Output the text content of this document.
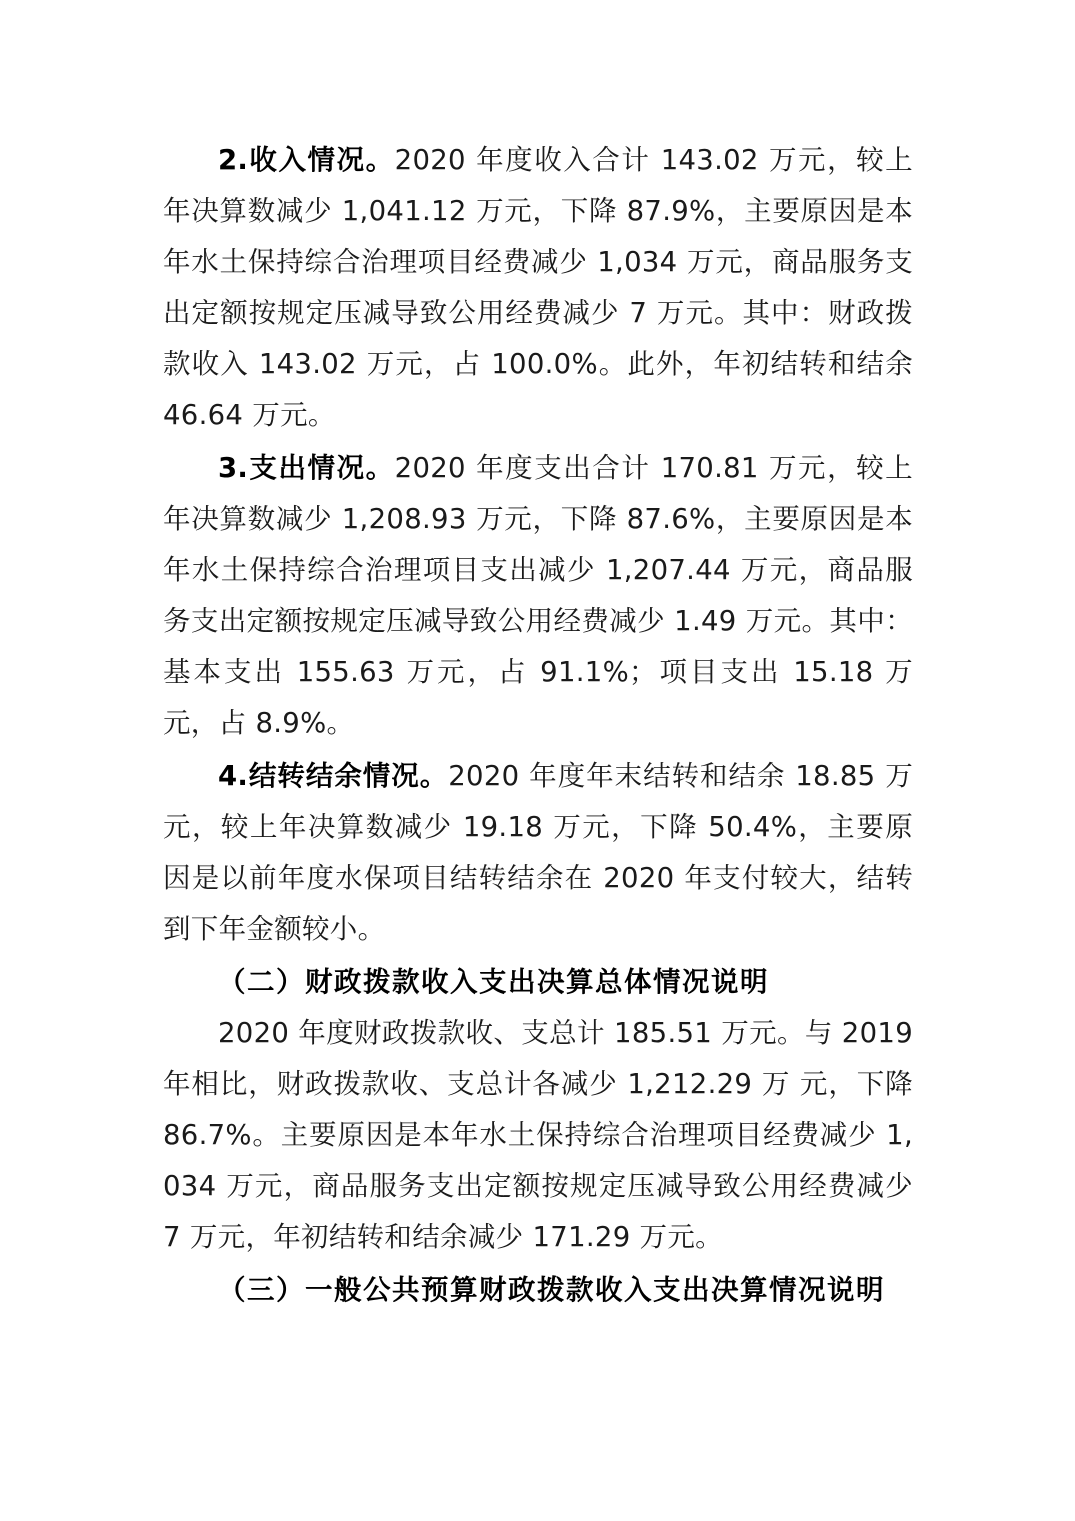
2.收入情况。2020 年度收入合计 143.02 万元，较上年决算数减少 1,041.12 万元，下降 87.9%，主要原因是本年水土保持综合治理项目经费减少 1,034 万元，商品服务支出定额按规定压减导致公用经费减少 7 万元。其中：财政拨款收入 143.02 万元，占 100.0%。此外，年初结转和结余 46.64 万元。

3.支出情况。2020 年度支出合计 170.81 万元，较上年决算数减少 1,208.93 万元，下降 87.6%，主要原因是本年水土保持综合治理项目支出减少 1,207.44 万元，商品服务支出定额按规定压减导致公用经费减少 1.49 万元。其中：基本支出 155.63 万元，占 91.1%；项目支出 15.18 万元，占 8.9%。

4.结转结余情况。2020 年度年末结转和结余 18.85 万元，较上年决算数减少 19.18 万元，下降 50.4%，主要原因是以前年度水保项目结转结余在 2020 年支付较大，结转到下年金额较小。

（二）财政拨款收入支出决算总体情况说明

2020 年度财政拨款收、支总计 185.51 万元。与 2019 年相比，财政拨款收、支总计各减少 1,212.29 万 元，下降 86.7%。主要原因是本年水土保持综合治理项目经费减少 1,034 万元，商品服务支出定额按规定压减导致公用经费减少 7 万元，年初结转和结余减少 171.29 万元。

（三）一般公共预算财政拨款收入支出决算情况说明
